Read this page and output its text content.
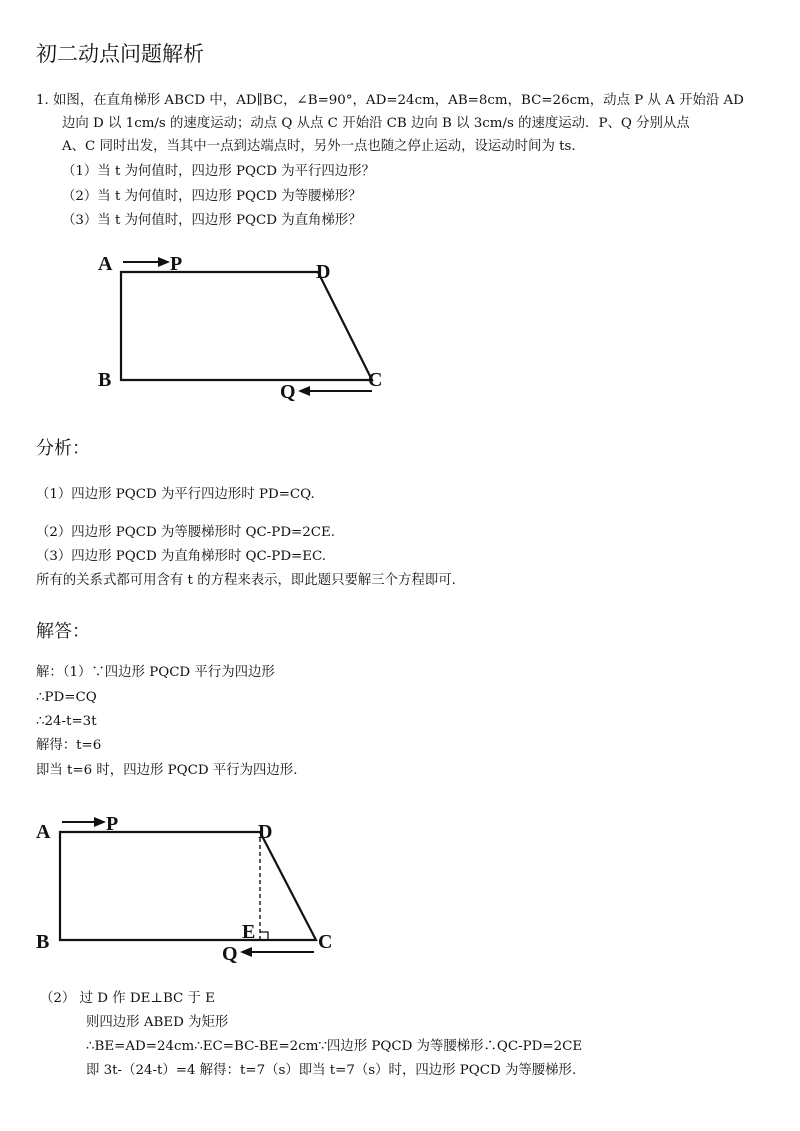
初二动点问题解析
1. 如图，在直角梯形 ABCD 中，AD∥BC，∠B=90°，AD=24cm，AB=8cm，BC=26cm，动点 P 从 A 开始沿 AD
边向 D 以 1cm/s 的速度运动；动点 Q 从点 C 开始沿 CB 边向 B 以 3cm/s 的速度运动．P、Q 分别从点
A、C 同时出发，当其中一点到达端点时，另外一点也随之停止运动，设运动时间为 ts.
（1）当 t 为何值时，四边形 PQCD 为平行四边形？
（2）当 t 为何值时，四边形 PQCD 为等腰梯形？
（3）当 t 为何值时，四边形 PQCD 为直角梯形？
A	P	D
B	C
Q
分析：
（1）四边形 PQCD 为平行四边形时 PD=CQ.
（2）四边形 PQCD 为等腰梯形时 QC-PD=2CE.
（3）四边形 PQCD 为直角梯形时 QC-PD=EC.
所有的关系式都可用含有 t 的方程来表示，即此题只要解三个方程即可.
解答：
解：（1）∵四边形 PQCD 平行为四边形
∴PD=CQ
∴24-t=3t
解得：t=6
即当 t=6 时，四边形 PQCD 平行为四边形.
A	P	D
B	E	C
Q
（2） 过 D 作 DE⊥BC 于 E
则四边形 ABED 为矩形
∴BE=AD=24cm∴EC=BC-BE=2cm∵四边形 PQCD 为等腰梯形∴QC-PD=2CE
即 3t-（24-t）=4 解得：t=7（s）即当 t=7（s）时，四边形 PQCD 为等腰梯形.
